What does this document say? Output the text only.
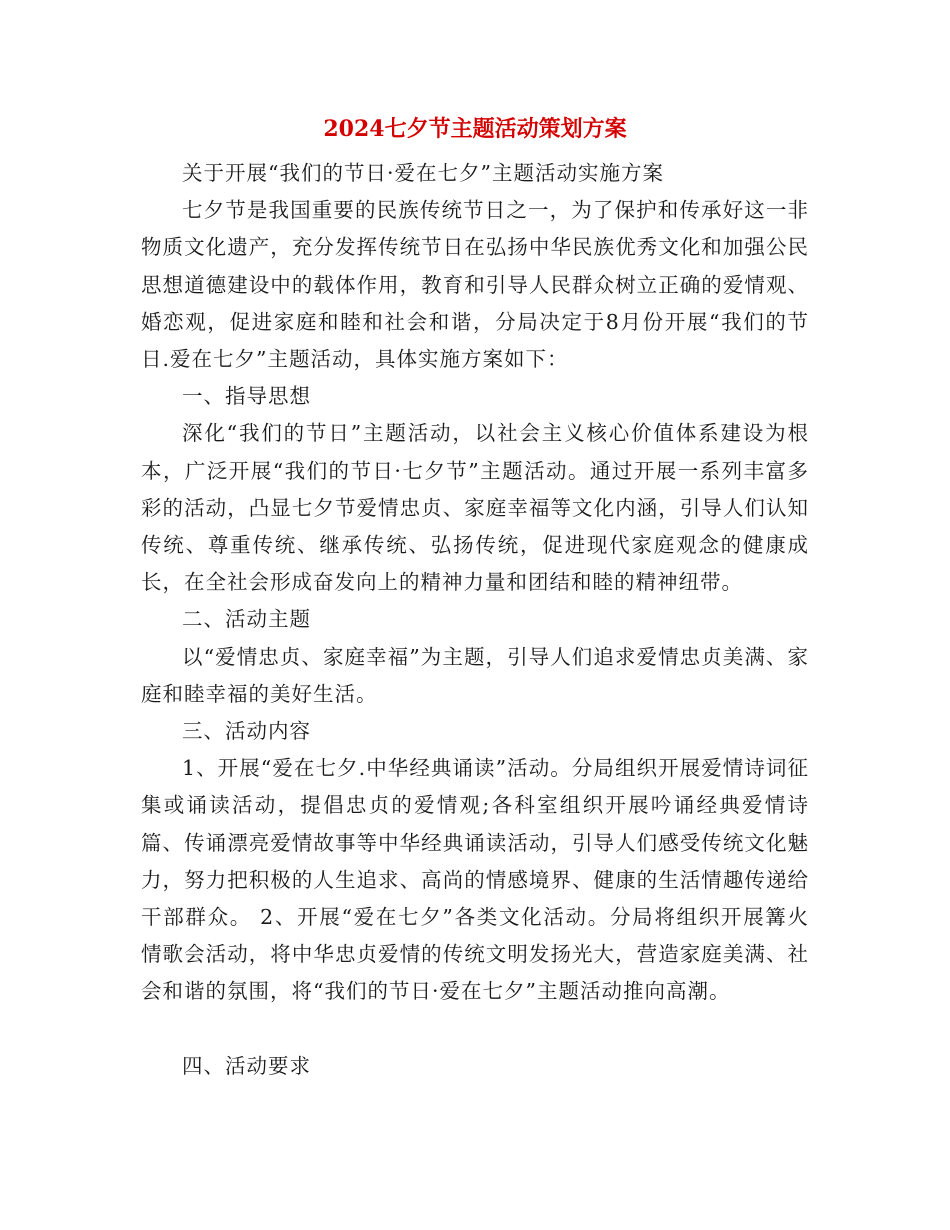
2024七夕节主题活动策划方案

关于开展“我们的节日·爱在七夕”主题活动实施方案

七夕节是我国重要的民族传统节日之一，为了保护和传承好这一非物质文化遗产，充分发挥传统节日在弘扬中华民族优秀文化和加强公民思想道德建设中的载体作用，教育和引导人民群众树立正确的爱情观、婚恋观，促进家庭和睦和社会和谐，分局决定于8月份开展“我们的节日.爱在七夕”主题活动，具体实施方案如下：

一、指导思想

深化“我们的节日”主题活动，以社会主义核心价值体系建设为根本，广泛开展“我们的节日·七夕节”主题活动。通过开展一系列丰富多彩的活动，凸显七夕节爱情忠贞、家庭幸福等文化内涵，引导人们认知传统、尊重传统、继承传统、弘扬传统，促进现代家庭观念的健康成长，在全社会形成奋发向上的精神力量和团结和睦的精神纽带。

二、活动主题

以“爱情忠贞、家庭幸福”为主题，引导人们追求爱情忠贞美满、家庭和睦幸福的美好生活。

三、活动内容

1、开展“爱在七夕.中华经典诵读”活动。分局组织开展爱情诗词征集或诵读活动，提倡忠贞的爱情观;各科室组织开展吟诵经典爱情诗篇、传诵漂亮爱情故事等中华经典诵读活动，引导人们感受传统文化魅力，努力把积极的人生追求、高尚的情感境界、健康的生活情趣传递给干部群众。 2、开展“爱在七夕”各类文化活动。分局将组织开展篝火情歌会活动，将中华忠贞爱情的传统文明发扬光大，营造家庭美满、社会和谐的氛围，将“我们的节日·爱在七夕”主题活动推向高潮。

四、活动要求
